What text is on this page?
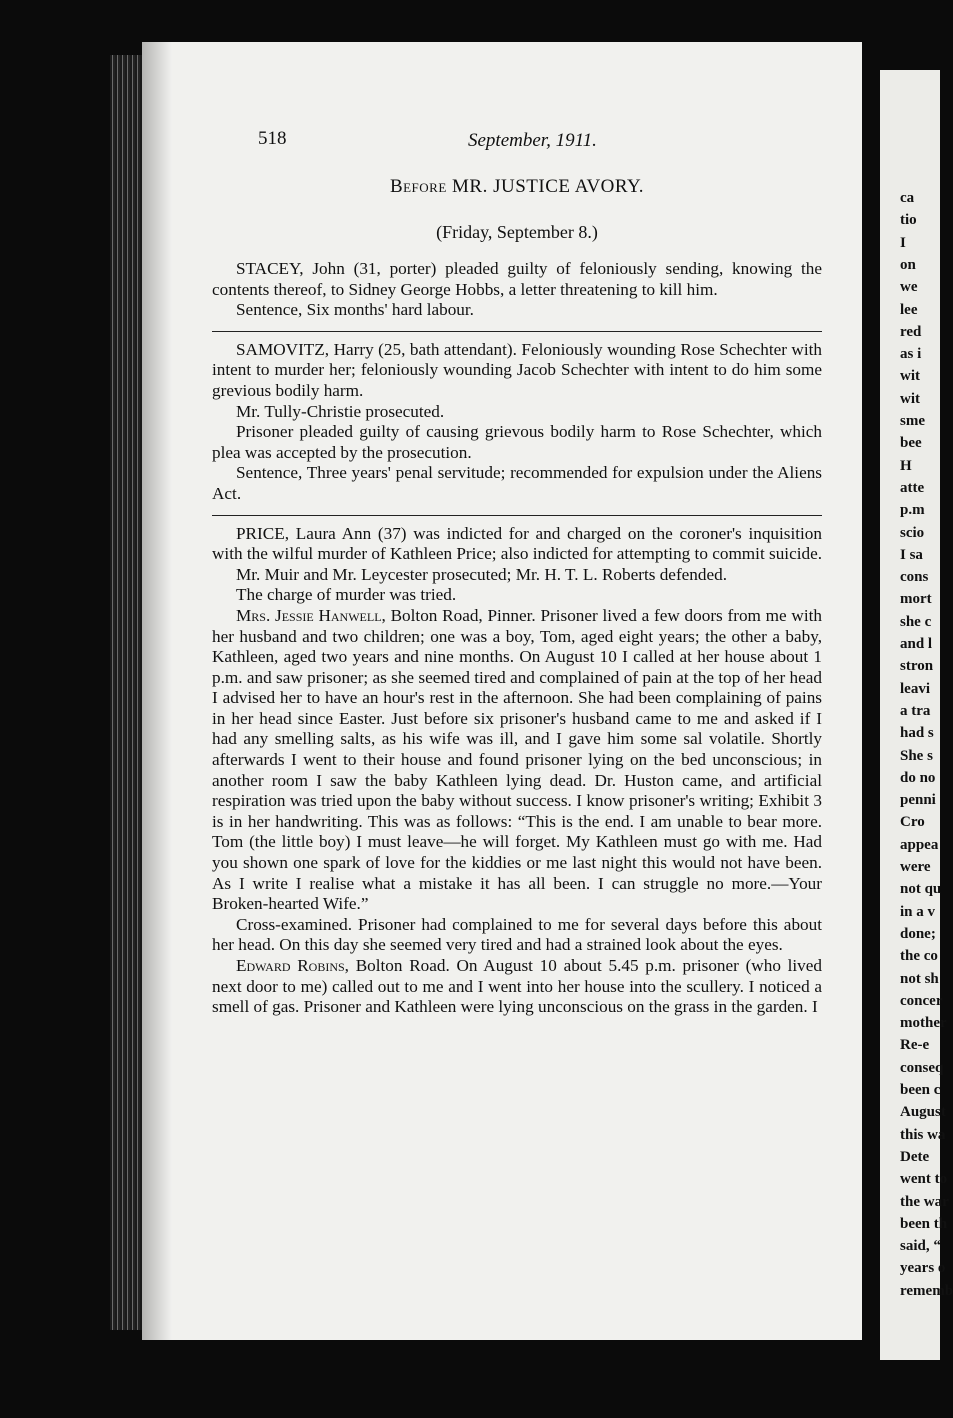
518	September, 1911.
Before MR. JUSTICE AVORY.
(Friday, September 8.)

STACEY, John (31, porter) pleaded guilty of feloniously sending, knowing the contents thereof, to Sidney George Hobbs, a letter threatening to kill him.

Sentence, Six months' hard labour.

SAMOVITZ, Harry (25, bath attendant). Feloniously wounding Rose Schechter with intent to murder her; feloniously wounding Jacob Schechter with intent to do him some grevious bodily harm.

Mr. Tully-Christie prosecuted.

Prisoner pleaded guilty of causing grievous bodily harm to Rose Schechter, which plea was accepted by the prosecution.

Sentence, Three years' penal servitude; recommended for expulsion under the Aliens Act.

PRICE, Laura Ann (37) was indicted for and charged on the coroner's inquisition with the wilful murder of Kathleen Price; also indicted for attempting to commit suicide.

Mr. Muir and Mr. Leycester prosecuted; Mr. H. T. L. Roberts defended.

The charge of murder was tried.

Mrs. Jessie Hanwell, Bolton Road, Pinner. Prisoner lived a few doors from me with her husband and two children; one was a boy, Tom, aged eight years; the other a baby, Kathleen, aged two years and nine months. On August 10 I called at her house about 1 p.m. and saw prisoner; as she seemed tired and complained of pain at the top of her head I advised her to have an hour's rest in the afternoon. She had been complaining of pains in her head since Easter. Just before six prisoner's husband came to me and asked if I had any smelling salts, as his wife was ill, and I gave him some sal volatile. Shortly afterwards I went to their house and found prisoner lying on the bed unconscious; in another room I saw the baby Kathleen lying dead. Dr. Huston came, and artificial respiration was tried upon the baby without success. I know prisoner's writing; Exhibit 3 is in her handwriting. This was as follows: “This is the end. I am unable to bear more. Tom (the little boy) I must leave—he will forget. My Kathleen must go with me. Had you shown one spark of love for the kiddies or me last night this would not have been. As I write I realise what a mistake it has all been. I can struggle no more.—Your Broken-hearted Wife.”

Cross-examined. Prisoner had complained to me for several days before this about her head. On this day she seemed very tired and had a strained look about the eyes.

Edward Robins, Bolton Road. On August 10 about 5.45 p.m. prisoner (who lived next door to me) called out to me and I went into her house into the scullery. I noticed a smell of gas. Prisoner and Kathleen were lying unconscious on the grass in the garden. I

ca
tio
I
on
we
lee
red
as i
wit
wit
sme
bee
H
atte
p.m
scio
I sa
cons
mort
she c
and l
stron
leavi
a tra
had s
She s
do no
penni
Cro
appea
were
not qu
in a v
done;
the co
not sh
concer
mother
Re-e
conseq
been c
August
this wa
Dete
went to
the war
been th
said, “
years o
rememb
